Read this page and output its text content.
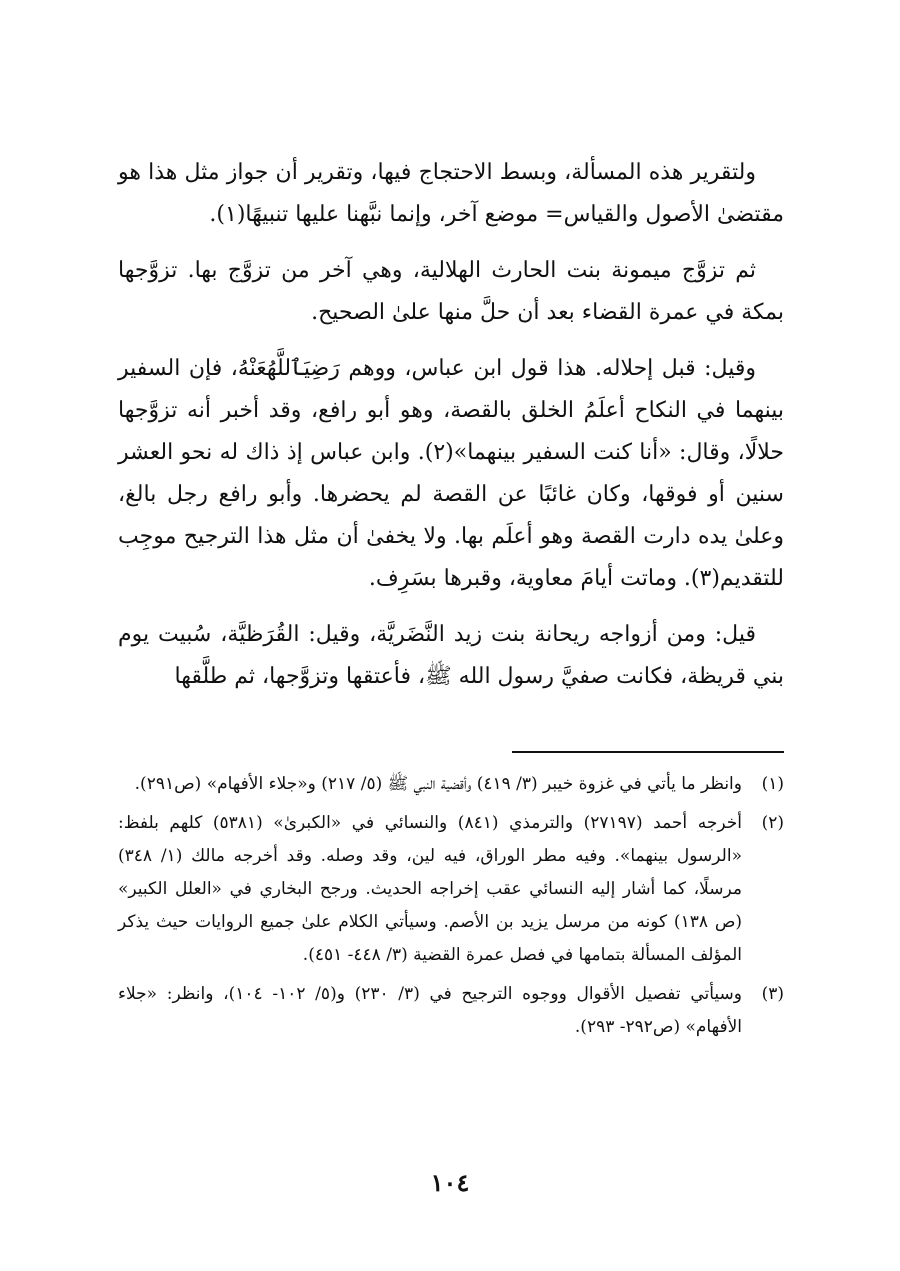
ولتقرير هذه المسألة، وبسط الاحتجاج فيها، وتقرير أن جواز مثل هذا هو مقتضىٰ الأصول والقياس= موضع آخر، وإنما نبَّهنا عليها تنبيهًا(١).

ثم تزوَّج ميمونة بنت الحارث الهلالية، وهي آخر من تزوَّج بها. تزوَّجها بمكة في عمرة القضاء بعد أن حلَّ منها علىٰ الصحيح.

وقيل: قبل إحلاله. هذا قول ابن عباس، ووهم رَضِيَٱللَّهُعَنْهُ، فإن السفير بينهما في النكاح أعلَمُ الخلق بالقصة، وهو أبو رافع، وقد أخبر أنه تزوَّجها حلالًا، وقال: «أنا كنت السفير بينهما»(٢). وابن عباس إذ ذاك له نحو العشر سنين أو فوقها، وكان غائبًا عن القصة لم يحضرها. وأبو رافع رجل بالغ، وعلىٰ يده دارت القصة وهو أعلَم بها. ولا يخفىٰ أن مثل هذا الترجيح موجِب للتقديم(٣). وماتت أيامَ معاوية، وقبرها بسَرِف.

قيل: ومن أزواجه ريحانة بنت زيد النَّضَريَّة، وقيل: القُرَظيَّة، سُبيت يوم بني قريظة، فكانت صفيَّ رسول الله ﷺ، فأعتقها وتزوَّجها، ثم طلَّقها

(١)
وانظر ما يأتي في غزوة خيبر (٣/ ٤١٩) وأقضية النبي ﷺ (٥/ ٢١٧) و«جلاء الأفهام» (ص٢٩١).
(٢)
أخرجه أحمد (٢٧١٩٧) والترمذي (٨٤١) والنسائي في «الكبرىٰ» (٥٣٨١) كلهم بلفظ: «الرسول بينهما». وفيه مطر الوراق، فيه لين، وقد وصله. وقد أخرجه مالك (١/ ٣٤٨) مرسلًا، كما أشار إليه النسائي عقب إخراجه الحديث. ورجح البخاري في «العلل الكبير» (ص ١٣٨) كونه من مرسل يزيد بن الأصم. وسيأتي الكلام علىٰ جميع الروايات حيث يذكر المؤلف المسألة بتمامها في فصل عمرة القضية (٣/ ٤٤٨- ٤٥١).
(٣)
وسيأتي تفصيل الأقوال ووجوه الترجيح في (٣/ ٢٣٠) و(٥/ ١٠٢- ١٠٤)، وانظر: «جلاء الأفهام» (ص٢٩٢- ٢٩٣).
١٠٤
